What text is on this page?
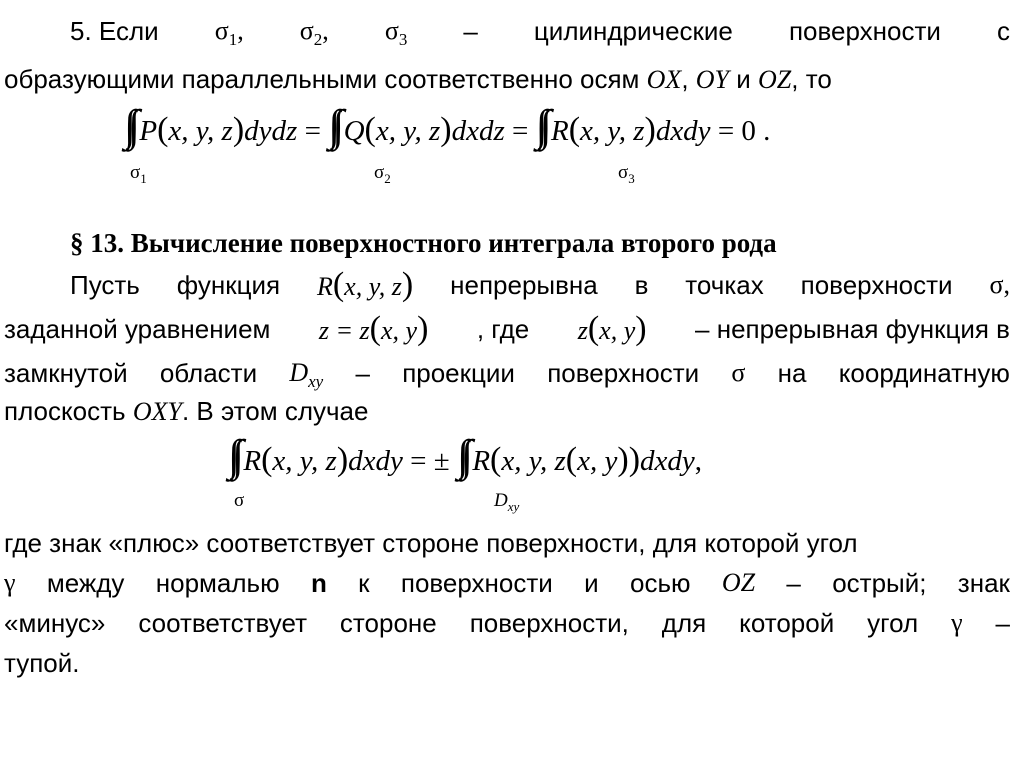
5. Если $\sigma_1$, $\sigma_2$, $\sigma_3$ – цилиндрические поверхности с
образующими параллельными соответственно осям OX, OY и OZ, то
∫∫ P(x, y, z)dydz = ∫∫ Q(x, y, z)dxdz = ∫∫ R(x, y, z)dxdy = 0 .
$\sigma_1$	$\sigma_2$	$\sigma_3$
§ 13. Вычисление поверхностного интеграла второго рода
Пусть функция R(x, y, z) непрерывна в точках поверхности σ,
заданной уравнением z = z(x, y) , где z(x, y) – непрерывная функция в
замкнутой области $D_{xy}$ – проекции поверхности σ на координатную
плоскость OXY. В этом случае
∫∫ R(x, y, z)dxdy = ± ∫∫ R(x, y, z(x, y))dxdy,
σ	$D_{xy}$
где знак «плюс» соответствует стороне поверхности, для которой угол
γ между нормалью n к поверхности и осью OZ – острый; знак
«минус» соответствует стороне поверхности, для которой угол γ –
тупой.
